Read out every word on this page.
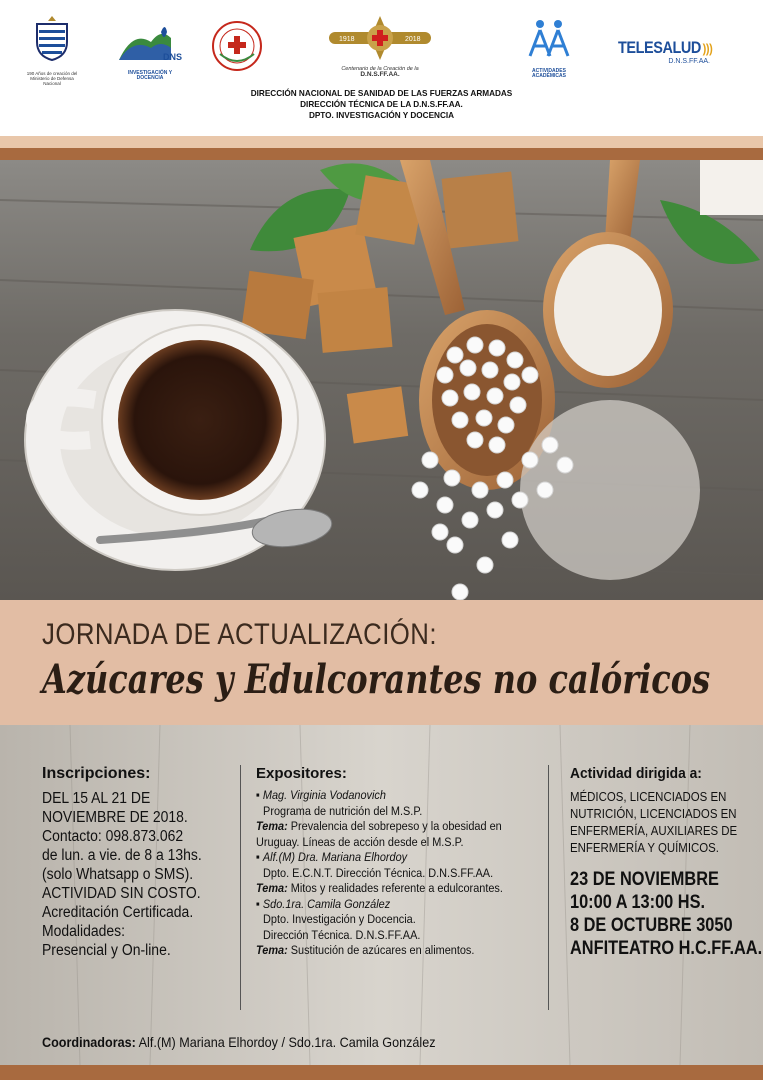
190 Años de creación del Ministerio de Defensa Nacional
DNS
INVESTIGACIÓN Y DOCENCIA
1918	2018
Centenario de la Creación de la
D.N.S.FF.AA.	ACTIVIDADES ACADÉMICAS
TELESALUD )))
D.N.S.FF.AA.
DIRECCIÓN NACIONAL DE SANIDAD DE LAS FUERZAS ARMADAS
DIRECCIÓN TÉCNICA DE LA D.N.S.FF.AA.
DPTO. INVESTIGACIÓN Y DOCENCIA
JORNADA DE ACTUALIZACIÓN:
Azúcares y Edulcorantes no calóricos
Inscripciones:

DEL 15 AL 21 DE

NOVIEMBRE DE 2018.

Contacto: 098.873.062

de lun. a vie. de 8 a 13hs.

(solo Whatsapp o SMS).

ACTIVIDAD SIN COSTO.

Acreditación Certificada.

Modalidades:

Presencial y On-line.

Expositores:

▪ Mag. Virginia Vodanovich

Programa de nutrición del M.S.P.

Tema: Prevalencia del sobrepeso y la obesidad en

Uruguay. Líneas de acción desde el M.S.P.

▪ Alf.(M) Dra. Mariana Elhordoy

Dpto. E.C.N.T. Dirección Técnica. D.N.S.FF.AA.

Tema: Mitos y realidades referente a edulcorantes.

▪ Sdo.1ra. Camila González

Dpto. Investigación y Docencia.

Dirección Técnica. D.N.S.FF.AA.

Tema: Sustitución de azúcares en alimentos.

Actividad dirigida a:

MÉDICOS, LICENCIADOS EN

NUTRICIÓN, LICENCIADOS EN

ENFERMERÍA, AUXILIARES DE

ENFERMERÍA Y QUÍMICOS.

23 DE NOVIEMBRE

10:00 A 13:00 HS.

8 DE OCTUBRE 3050

ANFITEATRO H.C.FF.AA.

Coordinadoras: Alf.(M) Mariana Elhordoy / Sdo.1ra. Camila González
